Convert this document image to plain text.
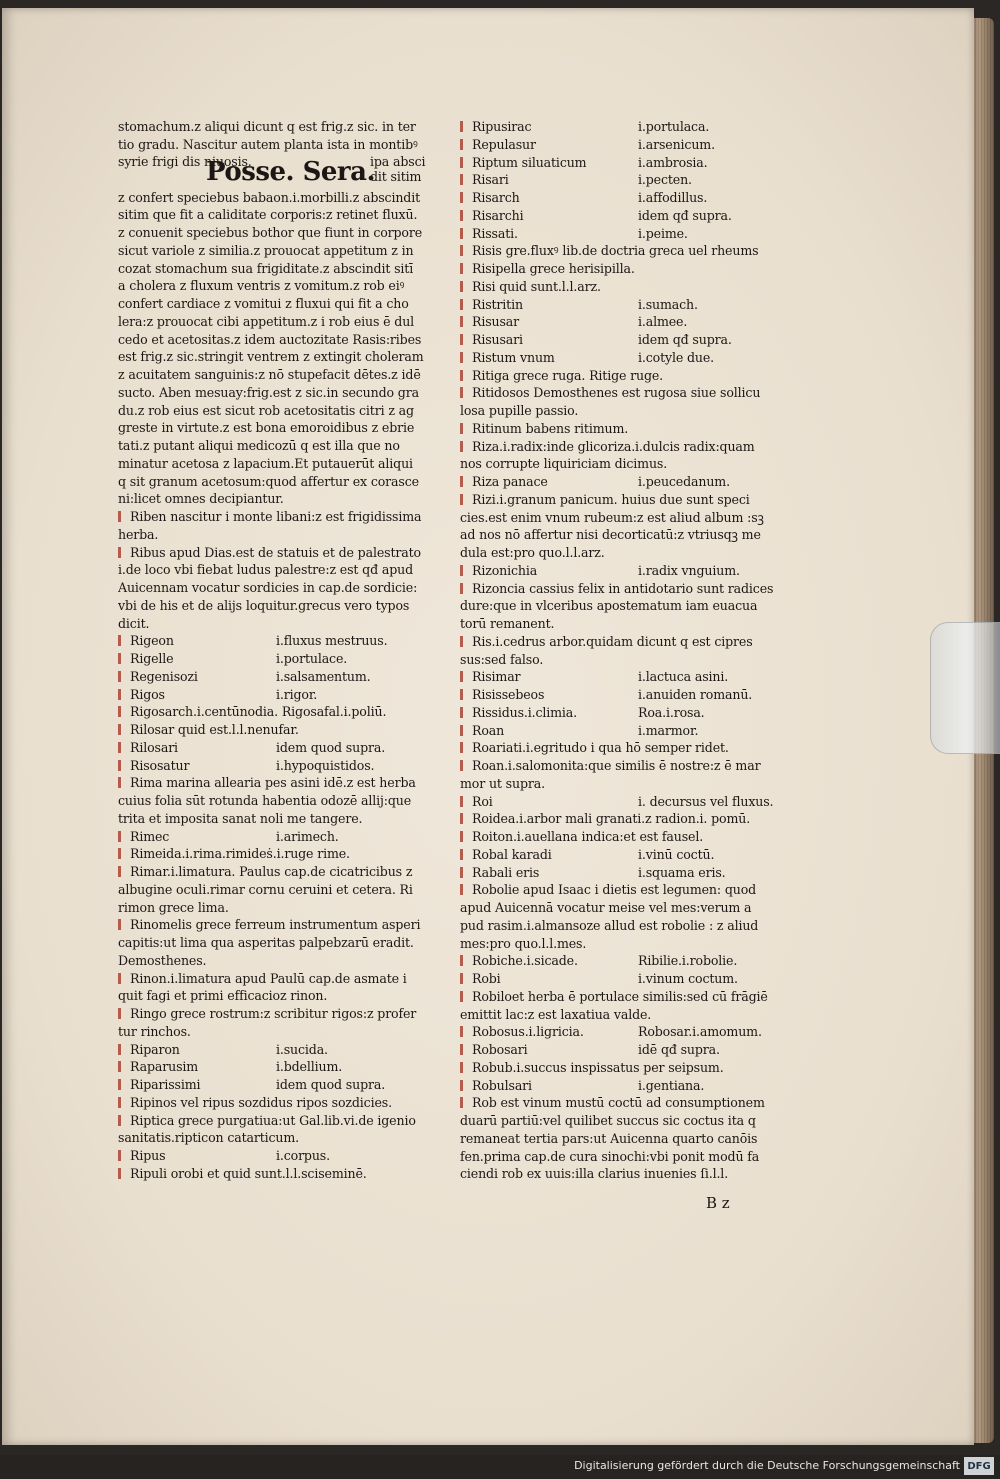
stomachum.z aliqui dicunt q est frig.z sic. in ter
tio gradu. Nascitur autem planta ista in montibꝰ
syrie frigi dis niuosis.
Posse. Sera.
ipa absci dit sitim
z confert speciebus babaon.i.morbilli.z abscindit
sitim que fit a caliditate corporis:z retinet fluxū.
z conuenit speciebus bothor que fiunt in corpore
sicut variole z similia.z prouocat appetitum z in
cozat stomachum sua frigiditate.z abscindit sitī
a cholera z fluxum ventris z vomitum.z rob eiꝰ
confert cardiace z vomitui z fluxui qui fit a cho
lera:z prouocat cibi appetitum.z i rob eius ē dul
cedo et acetositas.z idem auctozitate Rasis:ribes
est frig.z sic.stringit ventrem z extingit choleram
z acuitatem sanguinis:z nō stupefacit dētes.z idē
sucto. Aben mesuay:frig.est z sic.in secundo gra
du.z rob eius est sicut rob acetositatis citri z ag
greste in virtute.z est bona emoroidibus z ebrie
tati.z putant aliqui medicozū q est illa que no
minatur acetosa z lapacium.Et putauerūt aliqui
q sit granum acetosum:quod affertur ex corasce
ni:licet omnes decipiantur.
Riben nascitur i monte libani:z est frigidissima
herba.
Ribus apud Dias.est de statuis et de palestrato
i.de loco vbi fiebat ludus palestre:z est qđ apud
Auicennam vocatur sordicies in cap.de sordicie:
vbi de his et de alijs loquitur.grecus vero typos
dicit.
Rigeon	i.fluxus mestruus.
Rigelle	i.portulace.
Regenisozi	i.salsamentum.
Rigos	i.rigor.
Rigosarch.i.centūnodia. Rigosafal.i.poliū.
Rilosar quid est.l.l.nenufar.
Rilosari	idem quod supra.
Risosatur	i.hypoquistidos.
Rima marina allearia pes asini idē.z est herba
cuius folia sūt rotunda habentia odozē alliј:que
trita et imposita sanat noli me tangere.
Rimec	i.arimech.
Rimeida.i.rima.rimideṡ.i.ruge rime.
Rimar.i.limatura. Paulus cap.de cicatricibus z
albugine oculi.rimar cornu ceruini et cetera. Ri
rimon grece lima.
Rinomelis grece ferreum instrumentum asperi
capitis:ut lima qua asperitas palpebzarū eradit.
Demosthenes.
Rinon.i.limatura apud Paulū cap.de asmate i
quit fagi et primi efficacioz rinon.
Ringo grece rostrum:z scribitur rigos:z profer
tur rinchos.
Riparon	i.sucida.
Raparusim	i.bdellium.
Riparissimi	idem quod supra.
Ripinos vel ripus sozdidus ripos sozdicies.
Riptica grece purgatiua:ut Gal.lib.vi.de igenio
sanitatis.ripticon catarticum.
Ripus	i.corpus.
Ripuli orobi et quid sunt.l.l.sciseminē.
Ripusirac	i.portulaca.
Repulasur	i.arsenicum.
Riptum siluaticum	i.ambrosia.
Risari	i.pecten.
Risarch	i.affodillus.
Risarchi	idem qđ supra.
Rissati.	i.peime.
Risis gre.fluxꝰ lib.de doctria greca uel rheums
Risipella grece herisipilla.
Risi quid sunt.l.l.arz.
Ristritin	i.sumach.
Risusar	i.almee.
Risusari	idem qđ supra.
Ristum vnum	i.cotyle due.
Ritiga grece ruga. Ritige ruge.
Ritidosos Demosthenes est rugosa siue sollicu
losa pupille passio.
Ritinum babens ritimum.
Riza.i.radix:inde glicoriza.i.dulcis radix:quam
nos corrupte liquiriciam dicimus.
Riza panace	i.peucedanum.
Rizi.i.granum panicum. huius due sunt speci
cies.est enim vnum rubeum:z est aliud album :sꝫ
ad nos nō affertur nisi decorticatū:z vtriusqꝫ me
dula est:pro quo.l.l.arz.
Rizonichia	i.radix vnguium.
Rizoncia cassius felix in antidotario sunt radices
dure:que in vlceribus apostematum iam euacua
torū remanent.
Ris.i.cedrus arbor.quidam dicunt q est cipres
sus:sed falso.
Risimar	i.lactuca asini.
Risissebeos	i.anuiden romanū.
Rissidus.i.climia.	Roa.i.rosa.
Roan	i.marmor.
Roariati.i.egritudo i qua hō semper ridet.
Roan.i.salomonita:que similis ē nostre:z ē mar
mor ut supra.
Roi	i. decursus vel fluxus.
Roidea.i.arbor mali granati.z radion.i. pomū.
Roiton.i.auellana indica:et est fausel.
Robal karadi	i.vinū coctū.
Rabali eris	i.squama eris.
Robolie apud Isaac i dietis est legumen: quod
apud Auicennā vocatur meise vel mes:verum a
pud rasim.i.almansoze allud est robolie : z aliud
mes:pro quo.l.l.mes.
Robiche.i.sicade.	Ribilie.i.robolie.
Robi	i.vinum coctum.
Robiloet herba ē portulace similis:sed cū frāgiē
emittit lac:z est laxatiua valde.
Robosus.i.ligricia.	Robosar.i.amomum.
Robosari	idē qđ supra.
Robub.i.succus inspissatus per seipsum.
Robulsari	i.gentiana.
Rob est vinum mustū coctū ad consumptionem
duarū partiū:vel quilibet succus sic coctus ita q
remaneat tertia pars:ut Auicenna quarto canōis
fen.prima cap.de cura sinochi:vbi ponit modū fa
ciendi rob ex uuis:illa clarius inuenies ſi.l.l.
B z
Digitalisierung gefördert durch die Deutsche Forschungsgemeinschaft DFG
